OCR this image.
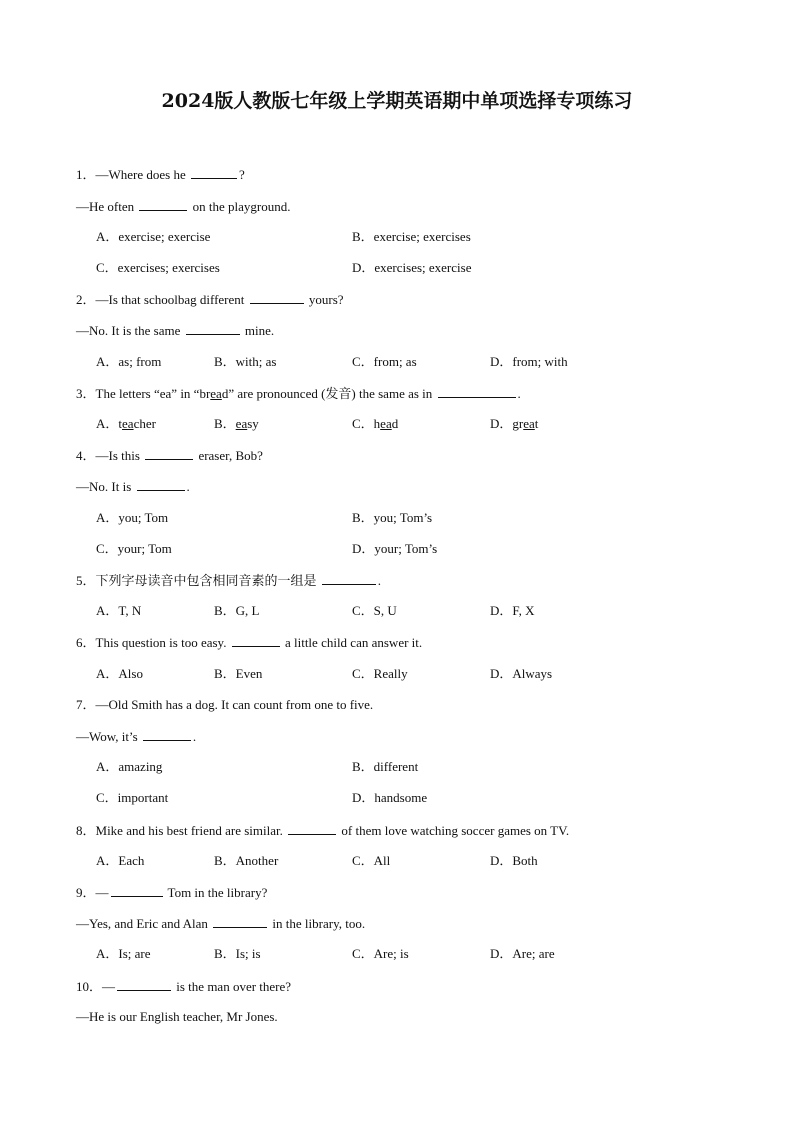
2024版人教版七年级上学期英语期中单项选择专项练习
1．—Where does he	?
—He often	on the playground.
A．exercise; exercise	B．exercise; exercises
C．exercises; exercises	D．exercises; exercise
2．—Is that schoolbag different	yours?
—No. It is the same	mine.
A．as; from	B．with; as	C．from; as	D．from; with
3．The letters “ea” in “bread” are pronounced (发音) the same as in	.
A．teacher	B．easy	C．head	D．great
4．—Is this	eraser, Bob?
—No. It is	.
A．you; Tom	B．you; Tom’s
C．your; Tom	D．your; Tom’s
5．下列字母读音中包含相同音素的一组是	.
A．T, N	B．G, L	C．S, U	D．F, X
6．This question is too easy.	a little child can answer it.
A．Also	B．Even	C．Really	D．Always
7．—Old Smith has a dog. It can count from one to five.
—Wow, it’s	.
A．amazing	B．different
C．important	D．handsome
8．Mike and his best friend are similar.	of them love watching soccer games on TV.
A．Each	B．Another	C．All	D．Both
9．—	Tom in the library?
—Yes, and Eric and Alan	in the library, too.
A．Is; are	B．Is; is	C．Are; is	D．Are; are
10．—	is the man over there?
—He is our English teacher, Mr Jones.
